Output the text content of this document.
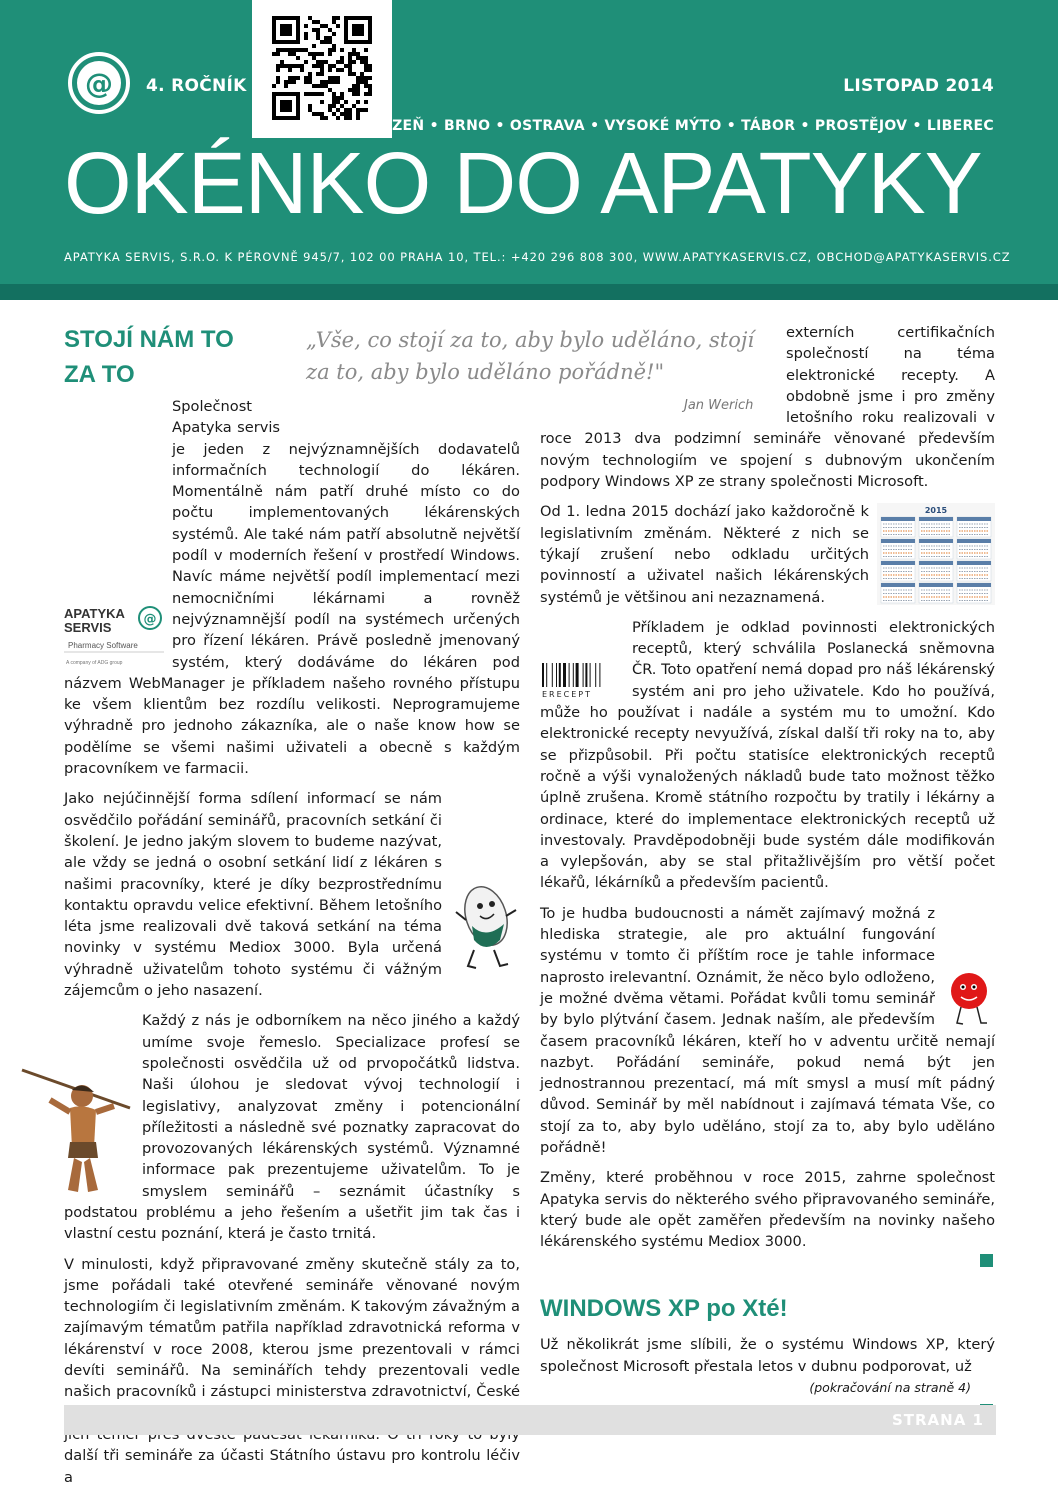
@ 4. ROČNÍK	LISTOPAD 2014
PLZEŇ • BRNO • OSTRAVA • VYSOKÉ MÝTO • TÁBOR • PROSTĚJOV • LIBEREC
OKÉNKO DO APATYKY
APATYKA SERVIS, S.R.O. K PÉROVNĚ 945/7, 102 00 PRAHA 10, TEL.: +420 296 808 300, WWW.APATYKASERVIS.CZ, OBCHOD@APATYKASERVIS.CZ
„Vše, co stojí za to, aby bylo uděláno, stojí za to, aby bylo uděláno pořádně!"
Jan Werich
STOJÍ NÁM TO ZA TO

APATYKA
SERVIS
@
Pharmacy Software
A company of ADG group
Společnost Apatyka servis je jeden z nejvýznamnějších dodavatelů informačních technologií do lékáren. Momentálně nám patří druhé místo co do počtu implementovaných lékárenských systémů. Ale také nám patří absolutně největší podíl v moderních řešení v prostředí Windows. Navíc máme největší podíl implementací mezi nemocničními lékárnami a rovněž nejvýznamnější podíl na systémech určených pro řízení lékáren. Právě posledně jmenovaný systém, který dodáváme do lékáren pod názvem WebManager je příkladem našeho rovného přístupu ke všem klientům bez rozdílu velikosti. Neprogramujeme výhradně pro jednoho zákazníka, ale o naše know how se podělíme se všemi našimi uživateli a obecně s každým pracovníkem ve farmacii.

Jako nejúčinnější forma sdílení informací se nám osvědčilo pořádání seminářů, pracovních setkání či školení. Je jedno jakým slovem to budeme nazývat, ale vždy se jedná o osobní setkání lidí z lékáren s našimi pracovníky, které je díky bezprostřednímu kontaktu opravdu velice efektivní. Během letošního léta jsme realizovali dvě taková setkání na téma novinky v systému Mediox 3000. Byla určená výhradně uživatelům tohoto systému či vážným zájemcům o jeho nasazení.

Každý z nás je odborníkem na něco jiného a každý umíme svoje řemeslo. Specializace profesí se společnosti osvědčila už od prvopočátků lidstva. Naši úlohou je sledovat vývoj technologií i legislativy, analyzovat změny i potencionální příležitosti a následně své poznatky zapracovat do provozovaných lékárenských systémů. Významné informace pak prezentujeme uživatelům. To je smyslem seminářů – seznámit účastníky s podstatou problému a jeho řešením a ušetřit jim tak čas i vlastní cestu poznání, která je často trnitá.

V minulosti, když připravované změny skutečně stály za to, jsme pořádali také otevřené semináře věnované novým technologiím či legislativním změnám. K takovým závažným a zajímavým tématům patřila například zdravotnická reforma v lékárenství v roce 2008, kterou jsme prezentovali v rámci devíti seminářů. Na seminářích tehdy prezentovali vedle našich pracovníků i zástupci ministerstva zdravotnictví, České další tři semináře za účasti Státního ústavu pro kontrolu léčiv a

externích certifikačních společností na téma elektronické recepty. A obdobně jsme i pro změny letošního roku realizovali v roce 2013 dva podzimní semináře věnované především novým technologiím ve spojení s dubnovým ukončením podpory Windows XP ze strany společnosti Microsoft.

2015
Od 1. ledna 2015 dochází jako každoročně k legislativním změnám. Některé z nich se týkají zrušení nebo odkladu určitých povinností a uživatel našich lékárenských systémů je většinou ani nezaznamená.

ERECEPT
Příkladem je odklad povinnosti elektronických receptů, který schválila Poslanecká sněmovna ČR. Toto opatření nemá dopad pro náš lékárenský systém ani pro jeho uživatele. Kdo ho používá, může ho používat i nadále a systém mu to umožní. Kdo elektronické recepty nevyužívá, získal další tři roky na to, aby se přizpůsobil. Při počtu statisíce elektronických receptů ročně a výši vynaložených nákladů bude tato možnost těžko úplně zrušena. Kromě státního rozpočtu by tratily i lékárny a ordinace, které do implementace elektronických receptů už investovaly. Pravděpodobněji bude systém dále modifikován a vylepšován, aby se stal přitažlivějším pro větší počet lékařů, lékárníků a především pacientů.

To je hudba budoucnosti a námět zajímavý možná z hlediska strategie, ale pro aktuální fungování systému v tomto či příštím roce je tahle informace naprosto irelevantní. Oznámit, že něco bylo odloženo, je možné dvěma větami. Pořádat kvůli tomu seminář by bylo plýtvání časem. Jednak naším, ale především časem pracovníků lékáren, kteří ho v adventu určitě nemají nazbyt. Pořádání semináře, pokud nemá být jen jednostrannou prezentací, má mít smysl a musí mít pádný důvod. Seminář by měl nabídnout i zajímavá témata Vše, co stojí za to, aby bylo uděláno, stojí za to, aby bylo uděláno pořádně!

Změny, které proběhnou v roce 2015, zahrne společnost Apatyka servis do některého svého připravovaného semináře, který bude ale opět zaměřen především na novinky našeho lékárenského systému Mediox 3000.

WINDOWS XP po Xté!

Už několikrát jsme slíbili, že o systému Windows XP, který společnost Microsoft přestala letos v dubnu podporovat, už

(pokračování na straně 4)
STRANA 1
